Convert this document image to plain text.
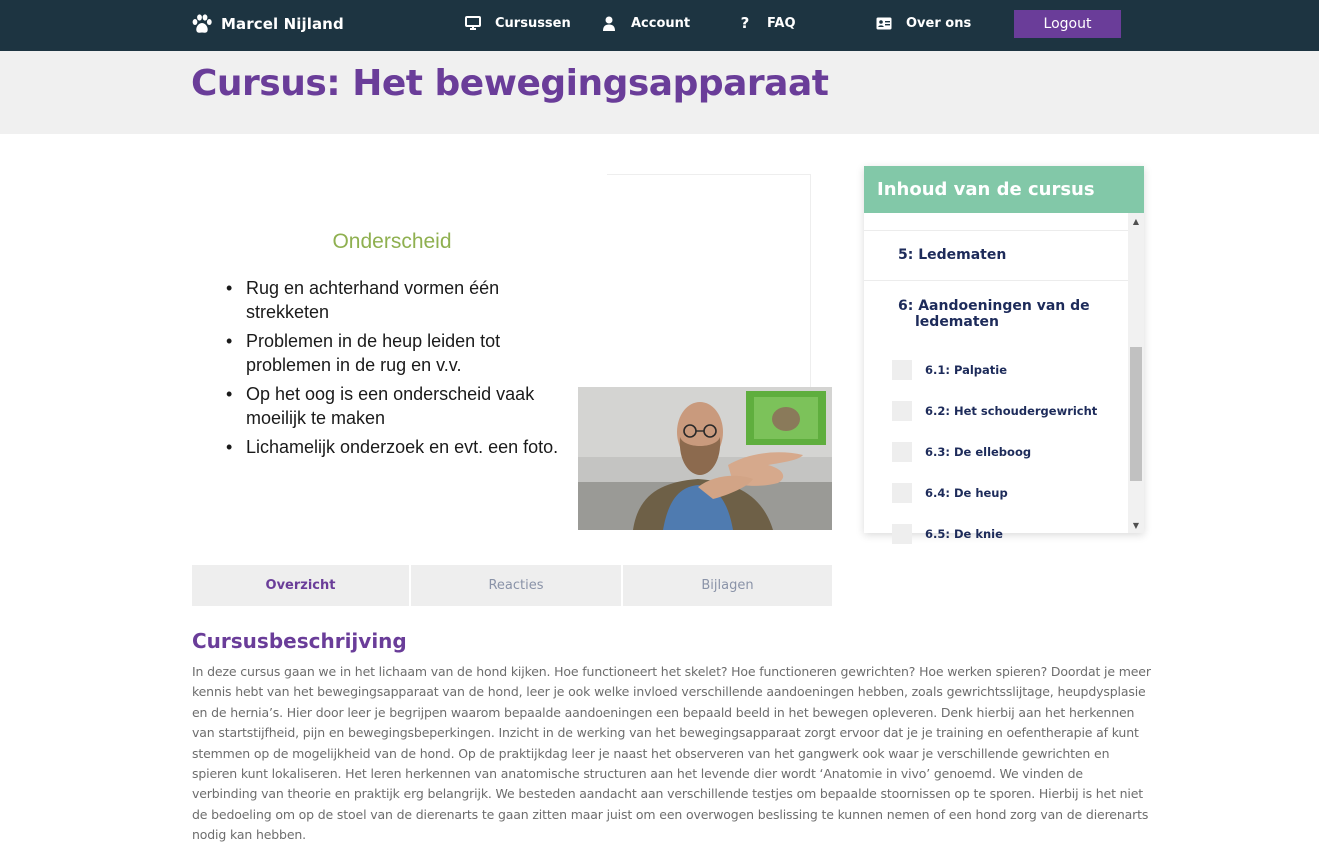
Marcel Nijland	Cursussen	Account	? FAQ	Over ons	Logout
Cursus: Het bewegingsapparaat
Onderscheid
• Rug en achterhand vormen één strekketen
• Problemen in de heup leiden tot problemen in de rug en v.v.
• Op het oog is een onderscheid vaak moeilijk te maken
• Lichamelijk onderzoek en evt. een foto.
Inhoud van de cursus
5: Ledematen
6: Aandoeningen van de
ledematen
6.1: Palpatie
6.2: Het schoudergewricht
6.3: De elleboog
6.4: De heup
6.5: De knie
▲
▼
Overzicht	Reacties	Bijlagen
Cursusbeschrijving

In deze cursus gaan we in het lichaam van de hond kijken. Hoe functioneert het skelet? Hoe functioneren gewrichten? Hoe werken spieren? Doordat je meer kennis hebt van het bewegingsapparaat van de hond, leer je ook welke invloed verschillende aandoeningen hebben, zoals gewrichtsslijtage, heupdysplasie en de hernia’s. Hier door leer je begrijpen waarom bepaalde aandoeningen een bepaald beeld in het bewegen opleveren. Denk hierbij aan het herkennen van startstijfheid, pijn en bewegingsbeperkingen. Inzicht in de werking van het bewegingsapparaat zorgt ervoor dat je je training en oefentherapie af kunt stemmen op de mogelijkheid van de hond. Op de praktijkdag leer je naast het observeren van het gangwerk ook waar je verschillende gewrichten en spieren kunt lokaliseren. Het leren herkennen van anatomische structuren aan het levende dier wordt ‘Anatomie in vivo’ genoemd. We vinden de verbinding van theorie en praktijk erg belangrijk. We besteden aandacht aan verschillende testjes om bepaalde stoornissen op te sporen. Hierbij is het niet de bedoeling om op de stoel van de dierenarts te gaan zitten maar juist om een overwogen beslissing te kunnen nemen of een hond zorg van de dierenarts nodig kan hebben.
